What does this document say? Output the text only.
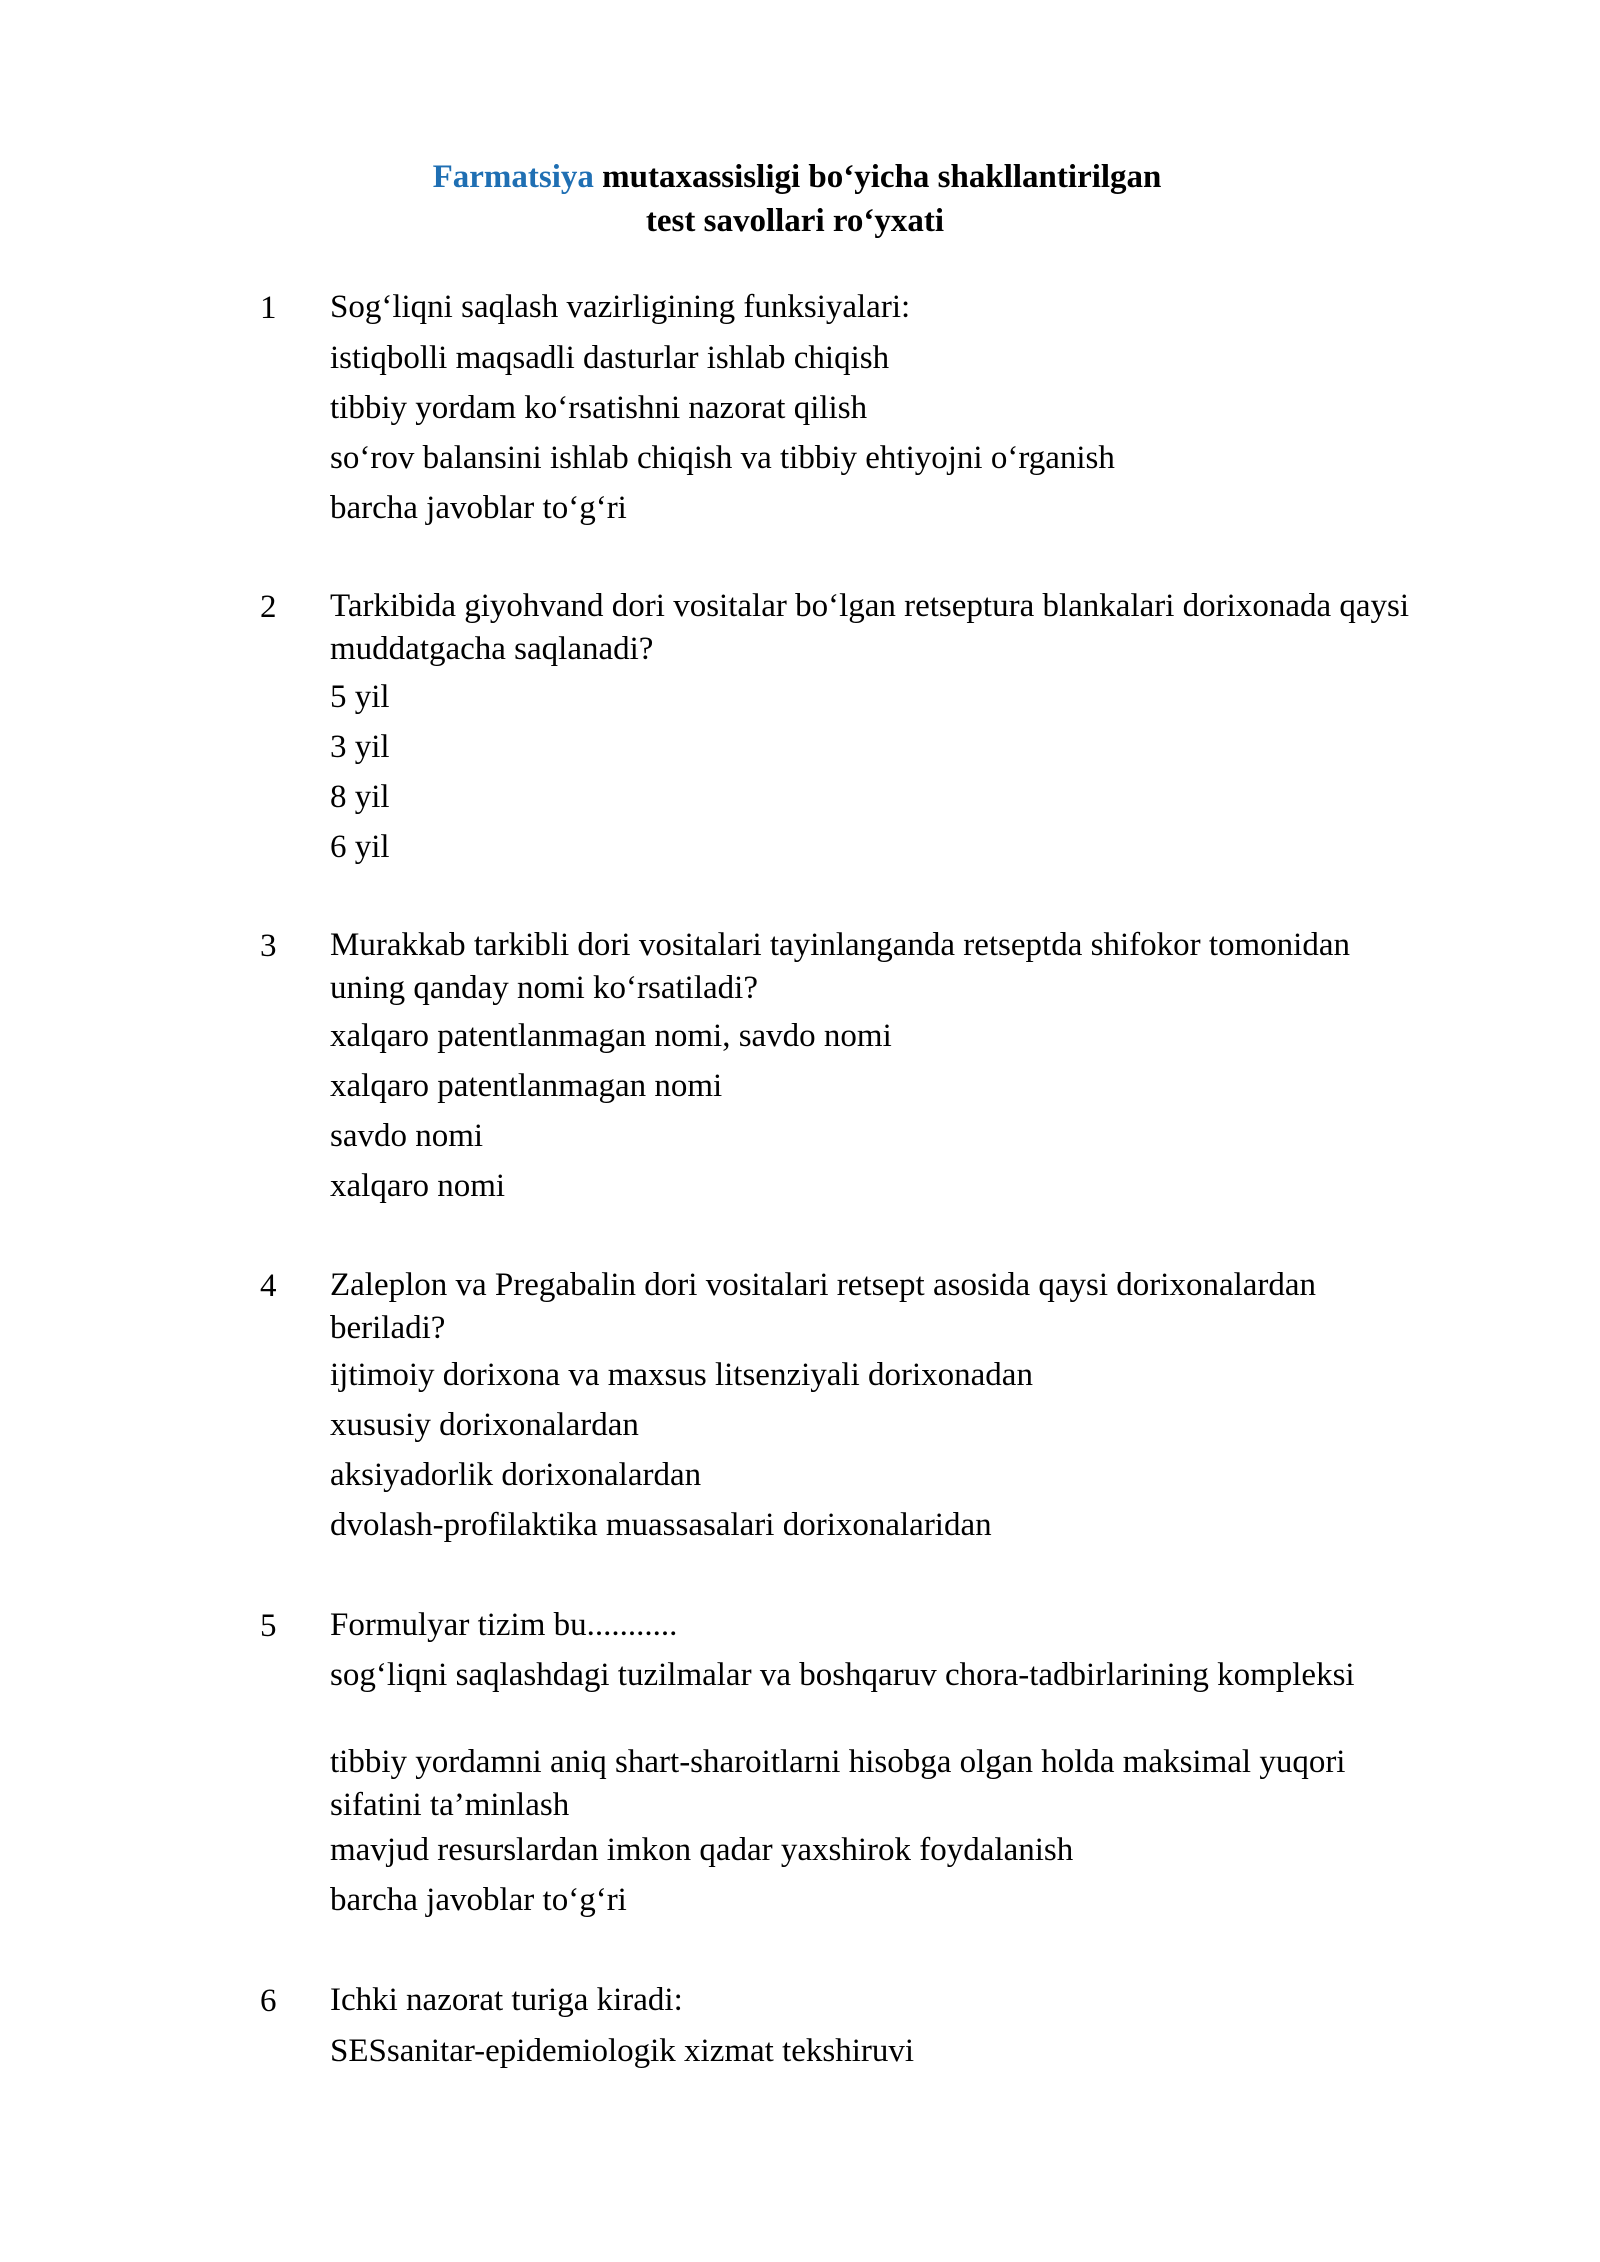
Farmatsiya mutaxassisligi bo‘yicha shakllantirilgan
test savollari ro‘yxati
1	Sog‘liqni saqlash vazirligining funksiyalari:
istiqbolli maqsadli dasturlar ishlab chiqish
tibbiy yordam ko‘rsatishni nazorat qilish
so‘rov balansini ishlab chiqish va tibbiy ehtiyojni o‘rganish
barcha javoblar to‘g‘ri
2	Tarkibida giyohvand dori vositalar bo‘lgan retseptura blankalari dorixonada qaysi muddatgacha saqlanadi?
5 yil
3 yil
8 yil
6 yil
3	Murakkab tarkibli dori vositalari tayinlanganda retseptda shifokor tomonidan uning qanday nomi ko‘rsatiladi?
xalqaro patentlanmagan nomi, savdo nomi
xalqaro patentlanmagan nomi
savdo nomi
xalqaro nomi
4	Zaleplon va Pregabalin dori vositalari retsept asosida qaysi dorixonalardan beriladi?
ijtimoiy dorixona va maxsus litsenziyali dorixonadan
xususiy dorixonalardan
aksiyadorlik dorixonalardan
dvolash-profilaktika muassasalari dorixonalaridan
5	Formulyar tizim bu...........
sog‘liqni saqlashdagi tuzilmalar va boshqaruv chora-tadbirlarining kompleksi
tibbiy yordamni aniq shart-sharoitlarni hisobga olgan holda maksimal yuqori sifatini ta’minlash
mavjud resurslardan imkon qadar yaxshirok foydalanish
barcha javoblar to‘g‘ri
6	Ichki nazorat turiga kiradi:
SESsanitar-epidemiologik xizmat tekshiruvi
